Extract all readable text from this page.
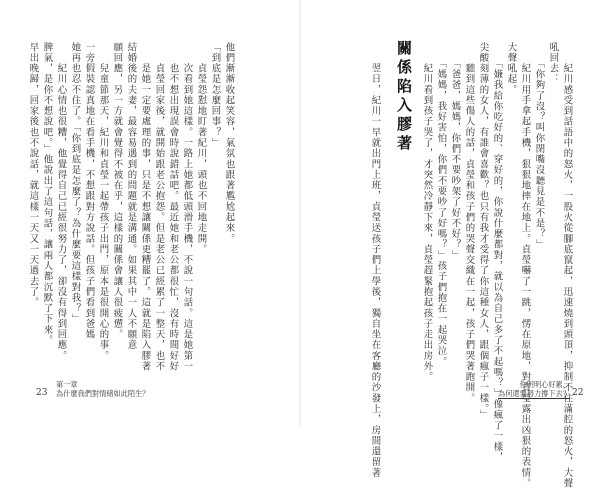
他們漸漸收起笑容，氣氛也跟著尷尬起來。
「到底是怎麼回事？」
　　貞瑩怨懟地盯著紀川，頭也不回地走開。
　　次看到她這樣。一路上她都低頭滑手機，不說一句話。這是她第一
　　也不想出現誤會時說錯話吧。最近她和老公都很忙，沒有時間好好
　　貞瑩回家後，就開始跟老公抱怨。但是老公已經累了一整天，也不
　　是她一定要處理的事，只是不想讓關係更糟罷了。這就是陷入膠著
結婚後的夫妻，最容易遇到的問題就是溝通。如果其中一人不願意
願回應，另一方就會覺得不被在乎，這樣的關係會讓人很疲憊。
　　兒童節那天，紀川和貞瑩一起帶孩子出門，原本是很開心的事。
一旁假裝認真地在看手機，不想跟對方說話。但孩子們看到爸媽
她再也忍不住了。「你到底是怎麼了？為什麼要這樣對我？」
　　紀川心情也很糟，他覺得自己已經很努力了，卻沒有得到回應。
脾氣，是你不想說吧。」他說出了這句話，讓兩人都沉默了下來。
早出晚歸，回家後也不說話，就這樣一天又一天過去了。
23
第一章
為什麼我們對情緒如此陌生？	　　紀川感受到話語中的怒火，一股火從腳底竄起，迅速燒到頭頂，抑制不住滿腔的怒火，大聲
吼回去：
　　「你夠了沒？叫你閉嘴沒聽見是不是？」
　　紀川用手拿起手機，狠狠地摔在地上。貞瑩嚇了一跳，愣在原地，對貞瑩露出凶狠的表情。
大聲吼起。
　　「嫌我給你吃好的、穿好的，你說什麼都對，就以為自己多了不起嗎？」像瘋了一樣，
尖酸刻薄的女人，有誰會喜歡？也只有我才受得了你這種女人，跟個瘋子一樣。」
　　聽到這些傷人的話，貞瑩和孩子們的哭聲交織在一起，孩子們哭著跑開。
　　「爸爸，媽媽，你們不要吵架了好不好？」
　　「媽媽，我好害怕，你們不要吵了好嗎？」孩子們抱在一起哭泣。
　　紀川看到孩子哭了，才突然冷靜下來，貞瑩趕緊抱起孩子走出房外。
關係陷入膠著
　　翌日，紀川一早就出門上班，貞瑩送孩子們上學後，獨自坐在客廳的沙發上，房間還留著	你明明心好累，
為何還要努力撐下去？ 22
